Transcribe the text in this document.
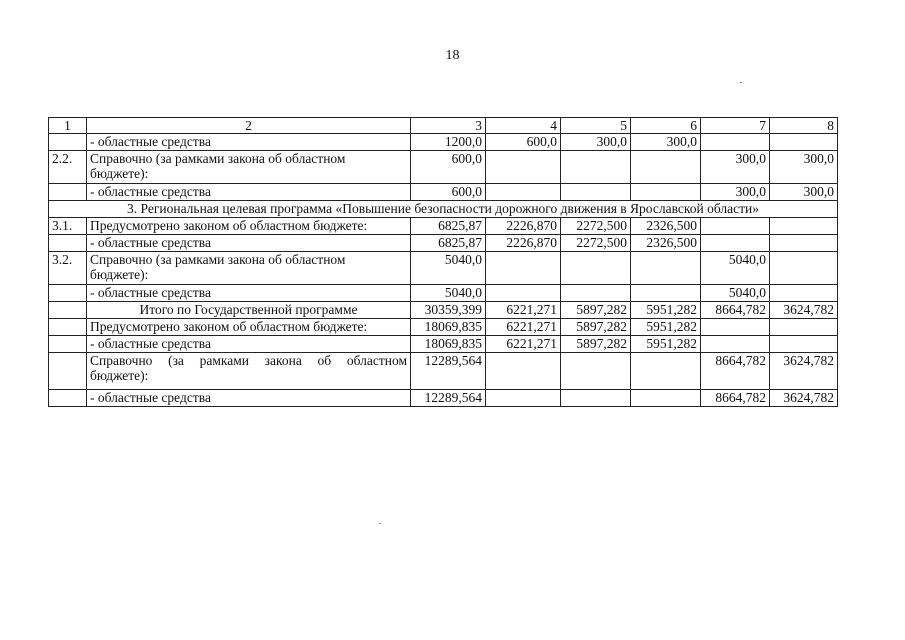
18
1	2	3	4	5	6	7	8
	- областные средства	1200,0	600,0	300,0	300,0		
2.2.	Справочно (за рамками закона об областном бюджете):	600,0				300,0	300,0
	- областные средства	600,0				300,0	300,0
3. Региональная целевая программа «Повышение безопасности дорожного движения в Ярославской области»							
3.1.	Предусмотрено законом об областном бюджете:	6825,87	2226,870	2272,500	2326,500		
	- областные средства	6825,87	2226,870	2272,500	2326,500		
3.2.	Справочно (за рамками закона об областном бюджете):	5040,0				5040,0	
	- областные средства	5040,0				5040,0	
	Итого по Государственной программе	30359,399	6221,271	5897,282	5951,282	8664,782	3624,782
	Предусмотрено законом об областном бюджете:	18069,835	6221,271	5897,282	5951,282		
	- областные средства	18069,835	6221,271	5897,282	5951,282		
	Справочно (за рамками закона об областном бюджете):	12289,564				8664,782	3624,782
	- областные средства	12289,564				8664,782	3624,782
